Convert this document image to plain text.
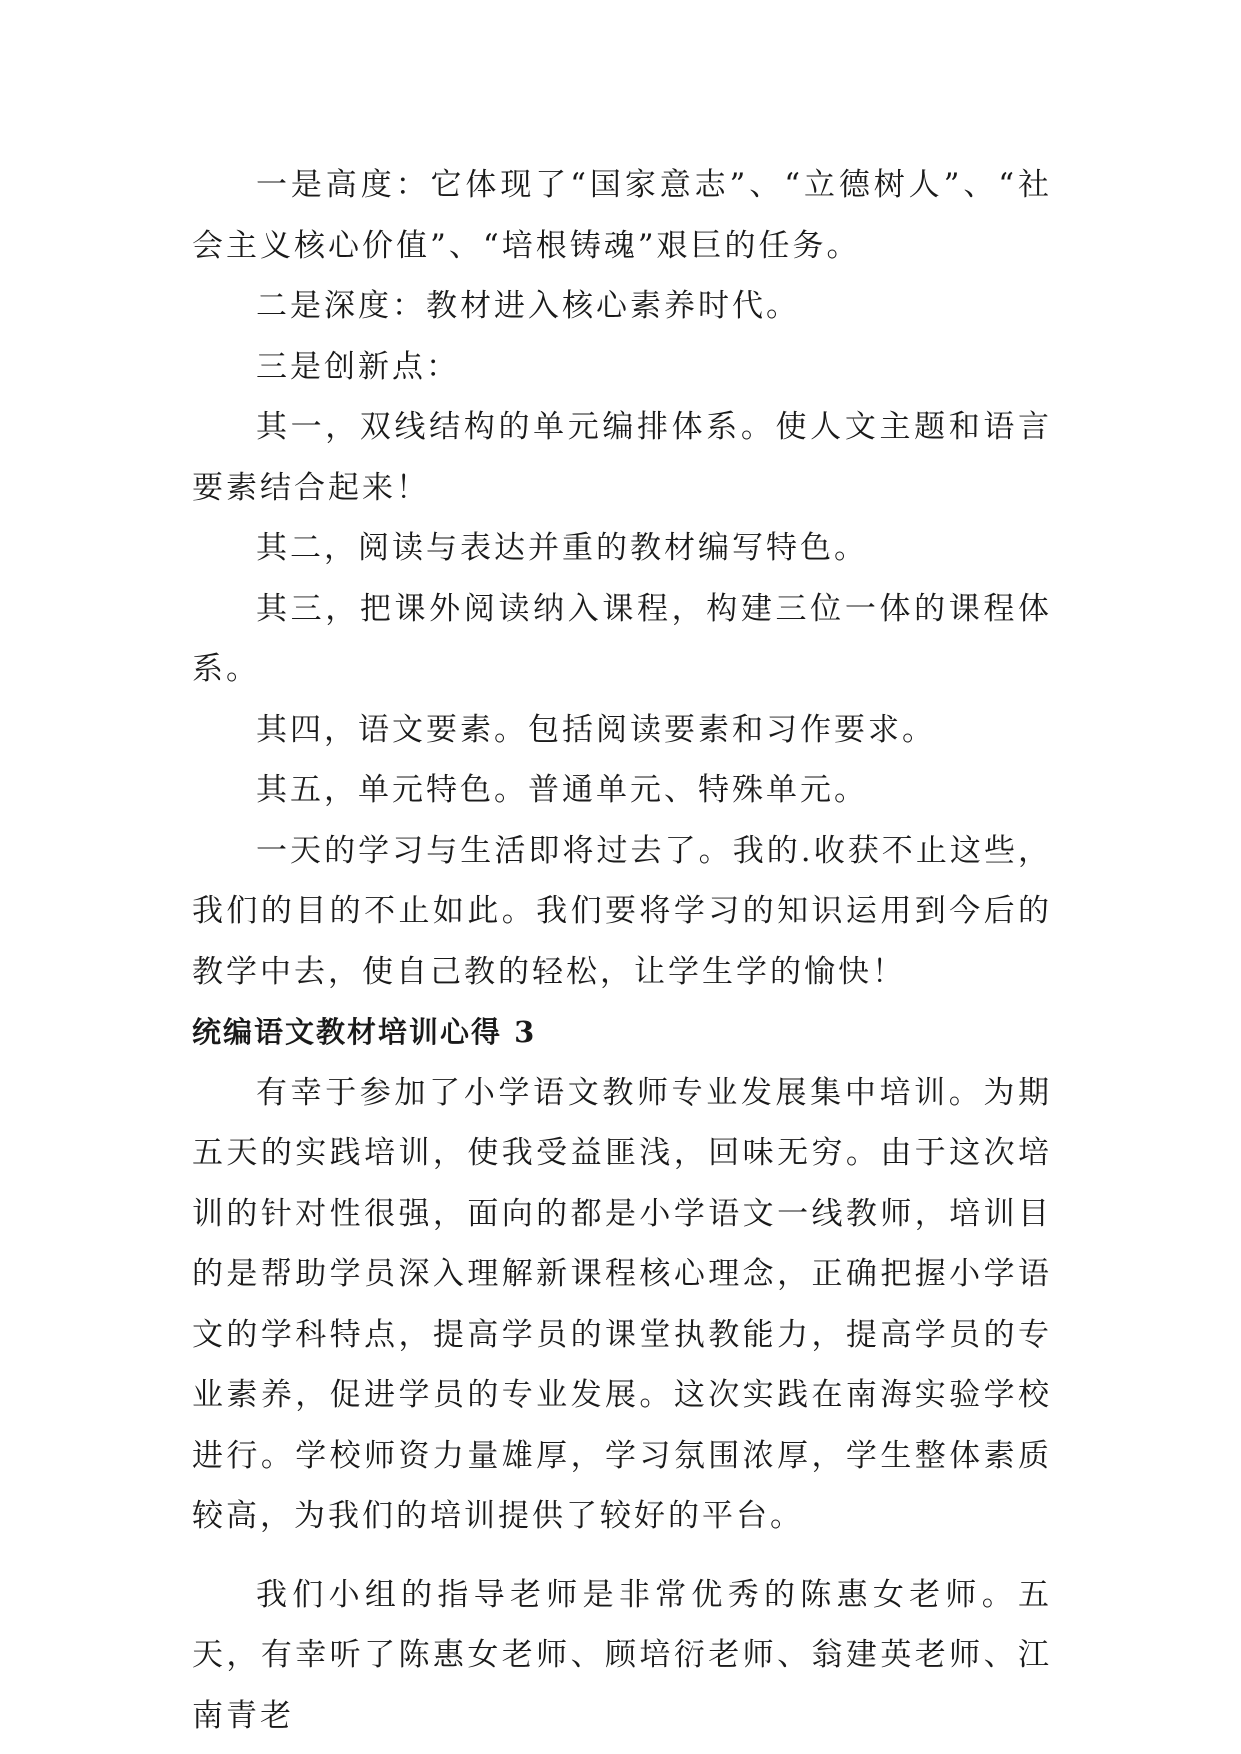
一是高度：它体现了“国家意志”、“立德树人”、“社会主义核心价值”、“培根铸魂”艰巨的任务。

二是深度：教材进入核心素养时代。

三是创新点：

其一，双线结构的单元编排体系。使人文主题和语言要素结合起来！

其二，阅读与表达并重的教材编写特色。

其三，把课外阅读纳入课程，构建三位一体的课程体系。

其四，语文要素。包括阅读要素和习作要求。

其五，单元特色。普通单元、特殊单元。

一天的学习与生活即将过去了。我的.收获不止这些，我们的目的不止如此。我们要将学习的知识运用到今后的教学中去，使自己教的轻松，让学生学的愉快！

统编语文教材培训心得 3

有幸于参加了小学语文教师专业发展集中培训。为期五天的实践培训，使我受益匪浅，回味无穷。由于这次培训的针对性很强，面向的都是小学语文一线教师，培训目的是帮助学员深入理解新课程核心理念，正确把握小学语文的学科特点，提高学员的课堂执教能力，提高学员的专业素养，促进学员的专业发展。这次实践在南海实验学校进行。学校师资力量雄厚，学习氛围浓厚，学生整体素质较高，为我们的培训提供了较好的平台。

我们小组的指导老师是非常优秀的陈惠女老师。五天，有幸听了陈惠女老师、顾培衍老师、翁建英老师、江南青老
